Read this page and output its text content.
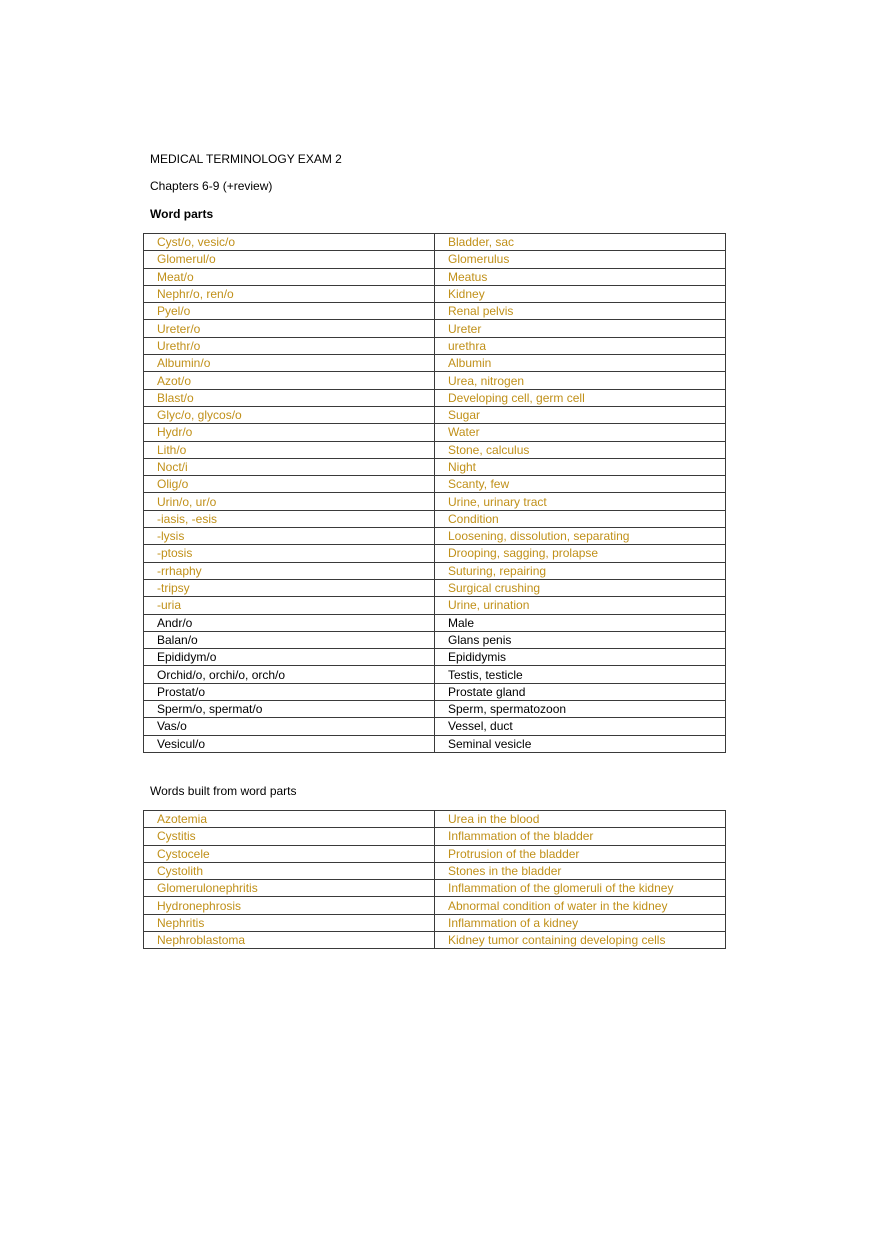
MEDICAL TERMINOLOGY EXAM 2
Chapters 6-9 (+review)
Word parts
Cyst/o, vesic/o	Bladder, sac
Glomerul/o	Glomerulus
Meat/o	Meatus
Nephr/o, ren/o	Kidney
Pyel/o	Renal pelvis
Ureter/o	Ureter
Urethr/o	urethra
Albumin/o	Albumin
Azot/o	Urea, nitrogen
Blast/o	Developing cell, germ cell
Glyc/o, glycos/o	Sugar
Hydr/o	Water
Lith/o	Stone, calculus
Noct/i	Night
Olig/o	Scanty, few
Urin/o, ur/o	Urine, urinary tract
-iasis, -esis	Condition
-lysis	Loosening, dissolution, separating
-ptosis	Drooping, sagging, prolapse
-rrhaphy	Suturing, repairing
-tripsy	Surgical crushing
-uria	Urine, urination
Andr/o	Male
Balan/o	Glans penis
Epididym/o	Epididymis
Orchid/o, orchi/o, orch/o	Testis, testicle
Prostat/o	Prostate gland
Sperm/o, spermat/o	Sperm, spermatozoon
Vas/o	Vessel, duct
Vesicul/o	Seminal vesicle
Words built from word parts
Azotemia	Urea in the blood
Cystitis	Inflammation of the bladder
Cystocele	Protrusion of the bladder
Cystolith	Stones in the bladder
Glomerulonephritis	Inflammation of the glomeruli of the kidney
Hydronephrosis	Abnormal condition of water in the kidney
Nephritis	Inflammation of a kidney
Nephroblastoma	Kidney tumor containing developing cells
